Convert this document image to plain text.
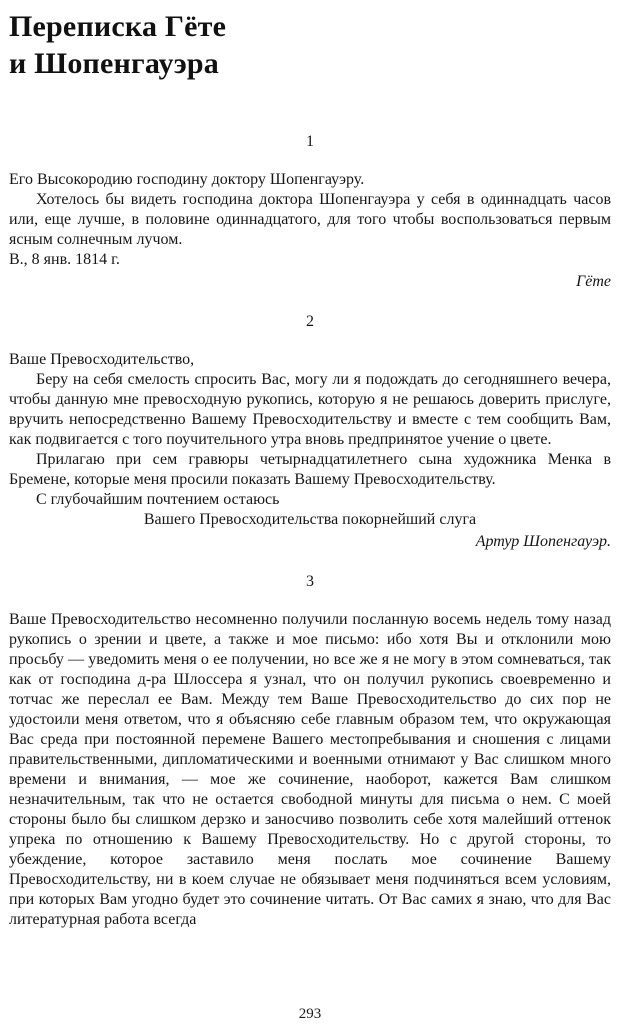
Переписка Гёте
и Шопенгауэра
1

Его Высокородию господину доктору Шопенгауэру.

Хотелось бы видеть господина доктора Шопенгауэра у себя в одиннадцать часов или, еще лучше, в половине одиннадцатого, для того чтобы воспользоваться первым ясным солнечным лучом.

В., 8 янв. 1814 г.

Гёте

2

Ваше Превосходительство,

Беру на себя смелость спросить Вас, могу ли я подождать до сегодняшнего вечера, чтобы данную мне превосходную рукопись, которую я не решаюсь доверить прислуге, вручить непосредственно Вашему Превосходительству и вместе с тем сообщить Вам, как подвигается с того поучительного утра вновь предпринятое учение о цвете.

Прилагаю при сем гравюры четырнадцатилетнего сына художника Менка в Бремене, которые меня просили показать Вашему Превосходительству.

С глубочайшим почтением остаюсь

Вашего Превосходительства покорнейший слуга

Артур Шопенгауэр.

3

Ваше Превосходительство несомненно получили посланную восемь недель тому назад рукопись о зрении и цвете, а также и мое письмо: ибо хотя Вы и отклонили мою просьбу — уведомить меня о ее получении, но все же я не могу в этом сомневаться, так как от господина д-ра Шлоссера я узнал, что он получил рукопись своевременно и тотчас же переслал ее Вам. Между тем Ваше Превосходительство до сих пор не удостоили меня ответом, что я объясняю себе главным образом тем, что окружающая Вас среда при постоянной перемене Вашего местопребывания и сношения с лицами правительственными, дипломатическими и военными отнимают у Вас слишком много времени и внимания, — мое же сочинение, наоборот, кажется Вам слишком незначительным, так что не остается свободной минуты для письма о нем. С моей стороны было бы слишком дерзко и заносчиво позволить себе хотя малейший оттенок упрека по отношению к Вашему Превосходительству. Но с другой стороны, то убеждение, которое заставило меня послать мое сочинение Вашему Превосходительству, ни в коем случае не обязывает меня подчиняться всем условиям, при которых Вам угодно будет это сочинение читать. От Вас самих я знаю, что для Вас литературная работа всегда

293
